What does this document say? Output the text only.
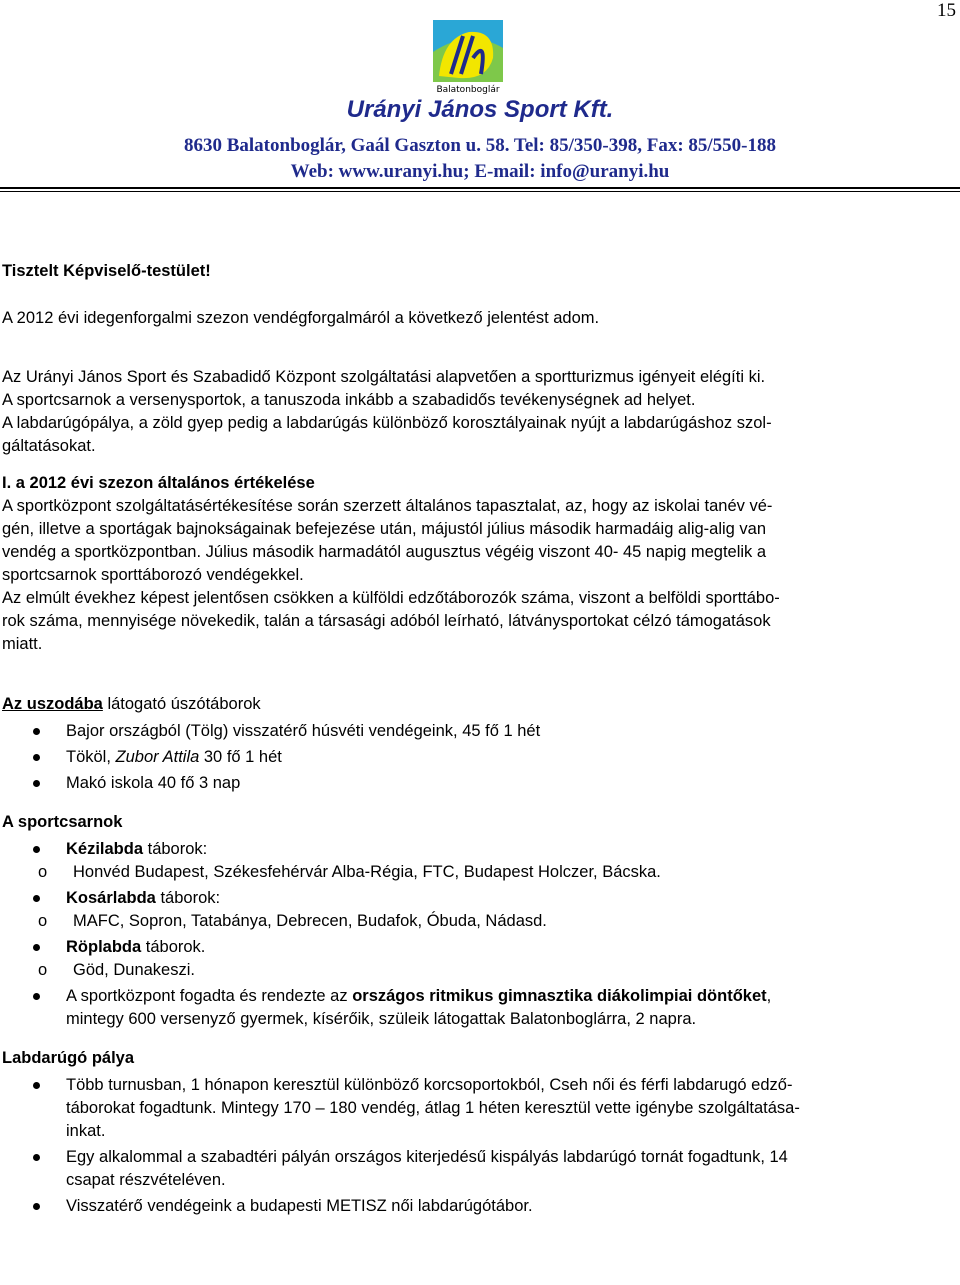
15
Balatonboglár
Urányi János Sport Kft.
8630 Balatonboglár, Gaál Gaszton u. 58. Tel: 85/350-398, Fax: 85/550-188
Web: www.uranyi.hu; E-mail: info@uranyi.hu

Tisztelt Képviselő-testület!

A 2012 évi idegenforgalmi szezon vendégforgalmáról a következő jelentést adom.

Az Urányi János Sport és Szabadidő Központ szolgáltatási alapvetően a sportturizmus igényeit elégíti ki.

A sportcsarnok a versenysportok, a tanuszoda inkább a szabadidős tevékenységnek ad helyet.

A labdarúgópálya, a zöld gyep pedig a labdarúgás különböző korosztályainak nyújt a labdarúgáshoz szol-

gáltatásokat.

I. a 2012 évi szezon általános értékelése

A sportközpont szolgáltatásértékesítése során szerzett általános tapasztalat, az, hogy az iskolai tanév vé-

gén, illetve a sportágak bajnokságainak befejezése után, májustól július második harmadáig alig-alig van

vendég a sportközpontban. Július második harmadától augusztus végéig viszont 40- 45 napig megtelik a

sportcsarnok sporttáborozó vendégekkel.

Az elmúlt évekhez képest jelentősen csökken a külföldi edzőtáborozók száma, viszont a belföldi sporttábo-

rok száma, mennyisége növekedik, talán a társasági adóból leírható, látványsportokat célzó támogatások

miatt.

Az uszodába látogató úszótáborok

Bajor országból (Tölg) visszatérő húsvéti vendégeink, 45 fő 1 hét
Tököl, Zubor Attila 30 fő 1 hét
Makó iskola 40 fő 3 nap

A sportcsarnok

Kézilabda táborok:
o Honvéd Budapest, Székesfehérvár Alba-Régia, FTC, Budapest Holczer, Bácska.
Kosárlabda táborok:
o MAFC, Sopron, Tatabánya, Debrecen, Budafok, Óbuda, Nádasd.
Röplabda táborok.
o Göd, Dunakeszi.
A sportközpont fogadta és rendezte az országos ritmikus gimnasztika diákolimpiai döntőket,
mintegy 600 versenyző gyermek, kísérőik, szüleik látogattak Balatonboglárra, 2 napra.

Labdarúgó pálya

Több turnusban, 1 hónapon keresztül különböző korcsoportokból, Cseh női és férfi labdarugó edző-
táborokat fogadtunk. Mintegy 170 – 180 vendég, átlag 1 héten keresztül vette igénybe szolgáltatása-
inkat.
Egy alkalommal a szabadtéri pályán országos kiterjedésű kispályás labdarúgó tornát fogadtunk, 14
csapat részvételéven.
Visszatérő vendégeink a budapesti METISZ női labdarúgótábor.
